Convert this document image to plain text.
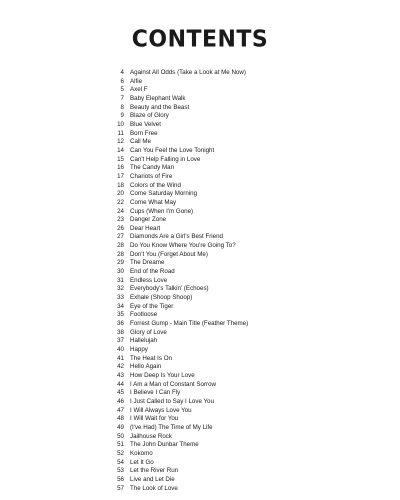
CONTENTS
4 Against All Odds (Take a Look at Me Now)
6 Alfie
5 Axel F
7 Baby Elephant Walk
8 Beauty and the Beast
9 Blaze of Glory
10 Blue Velvet
11 Born Free
12 Call Me
14 Can You Feel the Love Tonight
15 Can't Help Falling in Love
16 The Candy Man
17 Chariots of Fire
18 Colors of the Wind
20 Come Saturday Morning
22 Come What May
24 Cups (When I'm Gone)
23 Danger Zone
26 Dear Heart
27 Diamonds Are a Girl's Best Friend
28 Do You Know Where You're Going To?
28 Don't You (Forget About Me)
29 The Dreame
30 End of the Road
31 Endless Love
32 Everybody's Talkin' (Echoes)
33 Exhale (Shoop Shoop)
34 Eye of the Tiger
35 Footloose
36 Forrest Gump - Main Title (Feather Theme)
38 Glory of Love
37 Hallelujah
40 Happy
41 The Heat Is On
42 Hello Again
43 How Deep Is Your Love
44 I Am a Man of Constant Sorrow
45 I Believe I Can Fly
46 I Just Called to Say I Love You
47 I Will Always Love You
48 I Will Wait for You
49 (I've Had) The Time of My Life
50 Jailhouse Rock
51 The John Dunbar Theme
52 Kokomo
54 Let It Go
53 Let the River Run
56 Live and Let Die
57 The Look of Love
